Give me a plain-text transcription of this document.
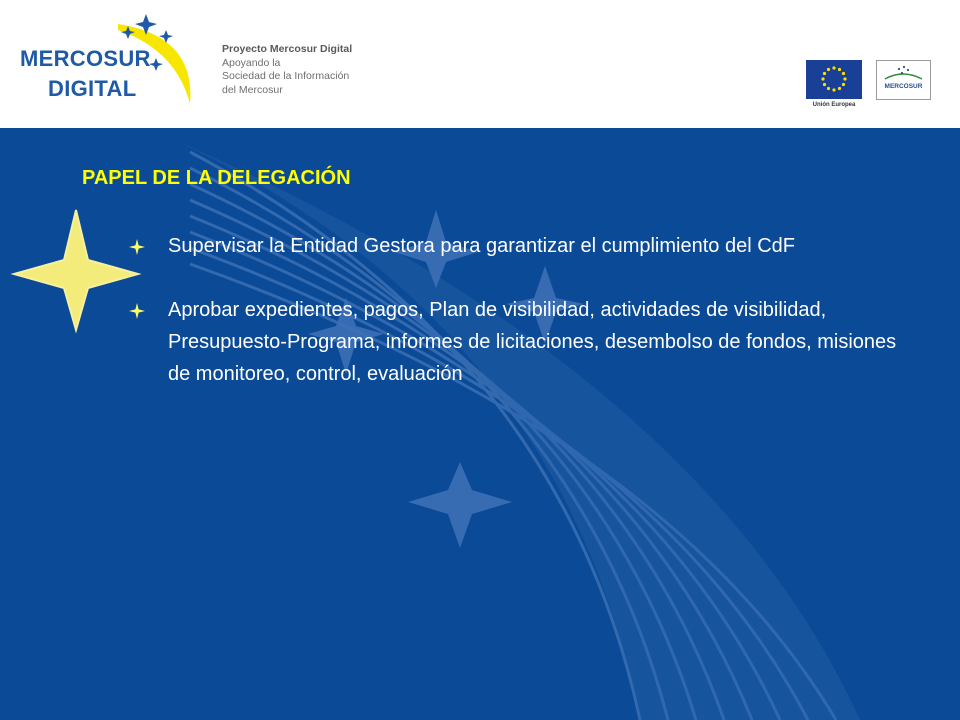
MERCOSUR
DIGITAL
Proyecto Mercosur Digital
Apoyando la
Sociedad de la Información
del Mercosur
Unión Europea
MERCOSUR
PAPEL DE LA DELEGACIÓN
Supervisar la Entidad Gestora para garantizar el cumplimiento del CdF
Aprobar expedientes, pagos, Plan de visibilidad, actividades de visibilidad, Presupuesto-Programa, informes de licitaciones, desembolso de fondos, misiones de monitoreo, control, evaluación
